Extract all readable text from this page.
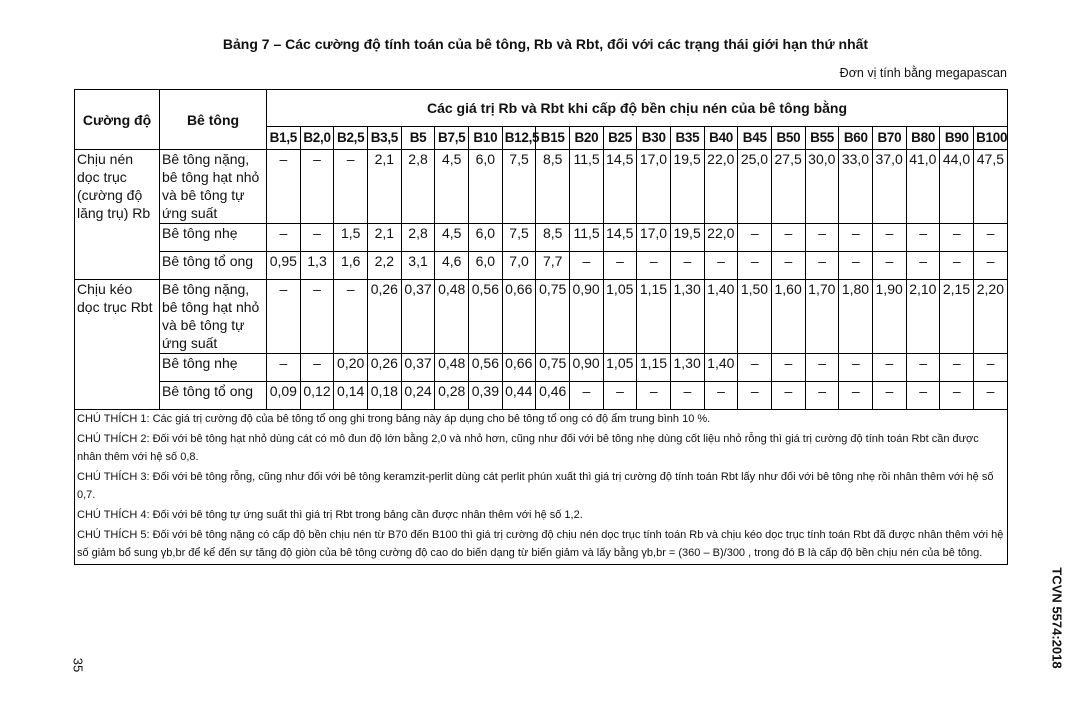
Bảng 7 – Các cường độ tính toán của bê tông, Rb và Rbt, đối với các trạng thái giới hạn thứ nhất
Đơn vị tính bằng megapascan
Cường độ	Bê tông	Các giá trị Rb và Rbt khi cấp độ bền chịu nén của bê tông bằng																					
		B1,5	B2,0	B2,5	B3,5	B5	B7,5	B10	B12,5	B15	B20	B25	B30	B35	B40	B45	B50	B55	B60	B70	B80	B90	B100
Chịu nén dọc trục (cường độ lăng trụ) Rb	Bê tông nặng, bê tông hạt nhỏ và bê tông tự ứng suất	–	–	–	2,1	2,8	4,5	6,0	7,5	8,5	11,5	14,5	17,0	19,5	22,0	25,0	27,5	30,0	33,0	37,0	41,0	44,0	47,5
	Bê tông nhẹ	–	–	1,5	2,1	2,8	4,5	6,0	7,5	8,5	11,5	14,5	17,0	19,5	22,0	–	–	–	–	–	–	–	–
	Bê tông tổ ong	0,95	1,3	1,6	2,2	3,1	4,6	6,0	7,0	7,7	–	–	–	–	–	–	–	–	–	–	–	–	–
Chịu kéo dọc trục Rbt	Bê tông nặng, bê tông hạt nhỏ và bê tông tự ứng suất	–	–	–	0,26	0,37	0,48	0,56	0,66	0,75	0,90	1,05	1,15	1,30	1,40	1,50	1,60	1,70	1,80	1,90	2,10	2,15	2,20
	Bê tông nhẹ	–	–	0,20	0,26	0,37	0,48	0,56	0,66	0,75	0,90	1,05	1,15	1,30	1,40	–	–	–	–	–	–	–	–
	Bê tông tổ ong	0,09	0,12	0,14	0,18	0,24	0,28	0,39	0,44	0,46	–	–	–	–	–	–	–	–	–	–	–	–	–

CHÚ THÍCH 1: Các giá trị cường độ của bê tông tổ ong ghi trong bảng này áp dụng cho bê tông tổ ong có độ ẩm trung bình 10 %.

CHÚ THÍCH 2: Đối với bê tông hạt nhỏ dùng cát có mô đun độ lớn bằng 2,0 và nhỏ hơn, cũng như đối với bê tông nhẹ dùng cốt liệu nhỏ rỗng thì giá trị cường độ tính toán Rbt cần được nhân thêm với hệ số 0,8.

CHÚ THÍCH 3: Đối với bê tông rỗng, cũng như đối với bê tông keramzit-perlit dùng cát perlit phún xuất thì giá trị cường độ tính toán Rbt lấy như đối với bê tông nhẹ rồi nhân thêm với hệ số 0,7.

CHÚ THÍCH 4: Đối với bê tông tự ứng suất thì giá trị Rbt trong bảng cần được nhân thêm với hệ số 1,2.

CHÚ THÍCH 5: Đối với bê tông nặng có cấp độ bền chịu nén từ B70 đến B100 thì giá trị cường độ chịu nén dọc trục tính toán Rb và chịu kéo dọc trục tính toán Rbt đã được nhân thêm với hệ số giảm bổ sung γb,br để kể đến sự tăng độ giòn của bê tông cường độ cao do biến dạng từ biến giảm và lấy bằng γb,br = (360 – B)/300 , trong đó B là cấp độ bền chịu nén của bê tông.																							

TCVN 5574:2018
35
